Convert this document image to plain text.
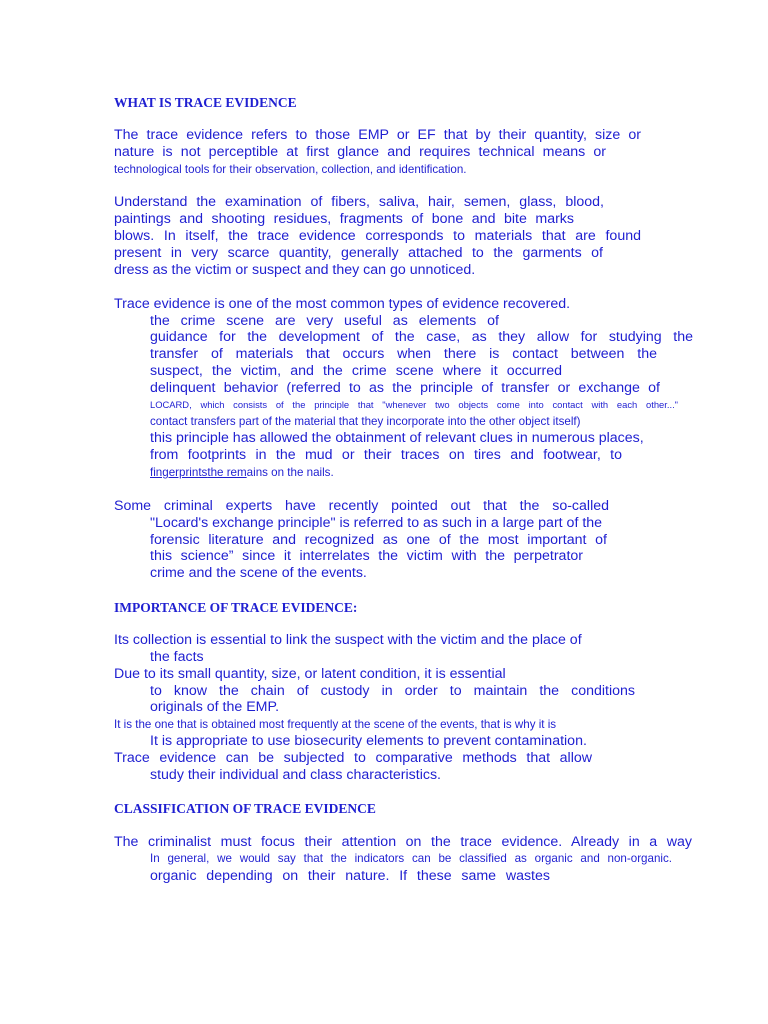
WHAT IS TRACE EVIDENCE
The trace evidence refers to those EMP or EF that by their quantity, size or
nature is not perceptible at first glance and requires technical means or
technological tools for their observation, collection, and identification.
Understand the examination of fibers, saliva, hair, semen, glass, blood,
paintings and shooting residues, fragments of bone and bite marks
blows. In itself, the trace evidence corresponds to materials that are found
present in very scarce quantity, generally attached to the garments of
dress as the victim or suspect and they can go unnoticed.
Trace evidence is one of the most common types of evidence recovered.
the crime scene are very useful as elements of
guidance for the development of the case, as they allow for studying the
transfer of materials that occurs when there is contact between the
suspect, the victim, and the crime scene where it occurred
delinquent behavior (referred to as the principle of transfer or exchange of
LOCARD, which consists of the principle that "whenever two objects come into contact with each other..."
contact transfers part of the material that they incorporate into the other object itself)
this principle has allowed the obtainment of relevant clues in numerous places,
from footprints in the mud or their traces on tires and footwear, to
fingerprintsthe remains on the nails.
Some criminal experts have recently pointed out that the so-called
"Locard's exchange principle" is referred to as such in a large part of the
forensic literature and recognized as one of the most important of
this science” since it interrelates the victim with the perpetrator
crime and the scene of the events.
IMPORTANCE OF TRACE EVIDENCE:
Its collection is essential to link the suspect with the victim and the place of
the facts
Due to its small quantity, size, or latent condition, it is essential
to know the chain of custody in order to maintain the conditions
originals of the EMP.
It is the one that is obtained most frequently at the scene of the events, that is why it is
It is appropriate to use biosecurity elements to prevent contamination.
Trace evidence can be subjected to comparative methods that allow
study their individual and class characteristics.
CLASSIFICATION OF TRACE EVIDENCE
The criminalist must focus their attention on the trace evidence. Already in a way
In general, we would say that the indicators can be classified as organic and non-organic.
organic depending on their nature. If these same wastes
